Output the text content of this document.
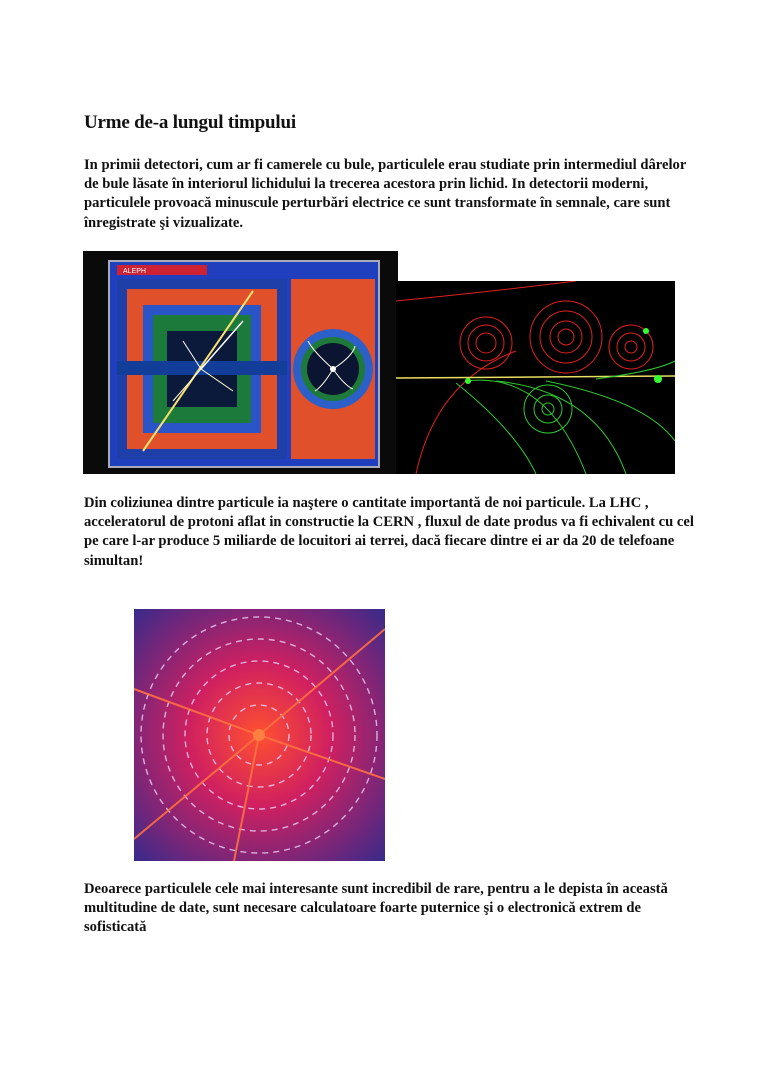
Urme de-a lungul timpului

In primii detectori, cum ar fi camerele cu bule, particulele erau studiate prin intermediul dârelor de bule lăsate în interiorul lichidului la trecerea acestora prin lichid. In detectorii moderni, particulele provoacă minuscule perturbări electrice ce sunt transformate în semnale, care sunt înregistrate şi vizualizate.

ALEPH

Din coliziunea dintre particule ia naştere o cantitate importantă de noi particule. La LHC , acceleratorul de protoni aflat in constructie la CERN , fluxul de date produs va fi echivalent cu cel pe care l-ar produce 5 miliarde de locuitori ai terrei, dacă fiecare dintre ei ar da 20 de telefoane simultan!

Deoarece particulele cele mai interesante sunt incredibil de rare, pentru a le depista în această multitudine de date, sunt necesare calculatoare foarte puternice şi o electronică extrem de sofisticată
